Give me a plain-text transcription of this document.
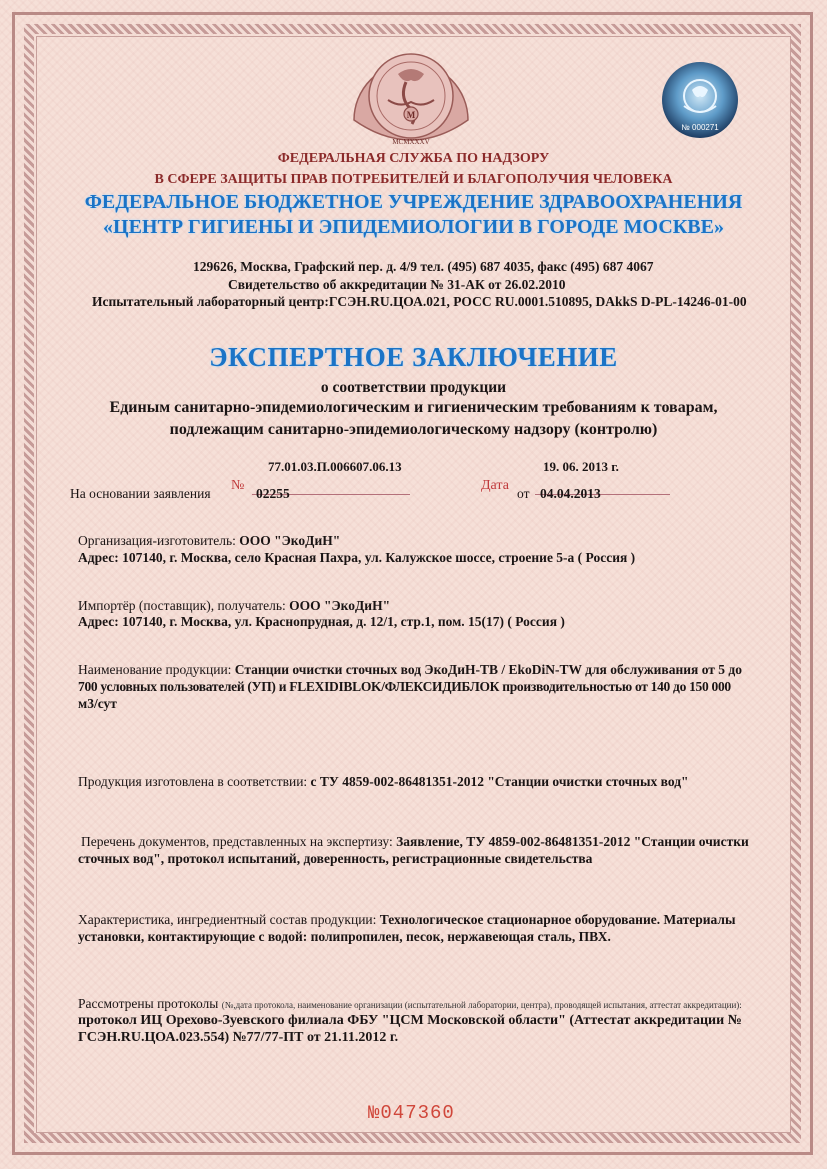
M
MCMXXXV
№ 000271
ФЕДЕРАЛЬНАЯ СЛУЖБА ПО НАДЗОРУ
В СФЕРЕ ЗАЩИТЫ ПРАВ ПОТРЕБИТЕЛЕЙ И БЛАГОПОЛУЧИЯ ЧЕЛОВЕКА
ФЕДЕРАЛЬНОЕ БЮДЖЕТНОЕ УЧРЕЖДЕНИЕ ЗДРАВООХРАНЕНИЯ
«ЦЕНТР ГИГИЕНЫ И ЭПИДЕМИОЛОГИИ В ГОРОДЕ МОСКВЕ»
129626, Москва, Графский пер. д. 4/9 тел. (495) 687 4035, факс (495) 687 4067
Свидетельство об аккредитации № 31-АК от 26.02.2010
Испытательный лабораторный центр:ГСЭН.RU.ЦОА.021, РОСС RU.0001.510895, DAkkS D-PL-14246-01-00
ЭКСПЕРТНОЕ ЗАКЛЮЧЕНИЕ
о соответствии продукции
Единым санитарно-эпидемиологическим и гигиеническим требованиям к товарам,
подлежащим санитарно-эпидемиологическому надзору (контролю)
77.01.03.П.006607.06.13	19. 06. 2013 г.
На основании заявления
№
02255
Дата
от 04.04.2013
Организация-изготовитель: ООО "ЭкоДиН"
Адрес: 107140, г. Москва, село Красная Пахра, ул. Калужское шоссе, строение 5-а ( Россия )
Импортёр (поставщик), получатель: ООО "ЭкоДиН"
Адрес: 107140, г. Москва, ул. Краснопрудная, д. 12/1, стр.1, пом. 15(17) ( Россия )
Наименование продукции: Станции очистки сточных вод ЭкоДиН-ТВ / EkoDiN-TW для обслуживания от 5 до
700 условных пользователей (УП) и FLEXIDIBLOK/ФЛЕКСИДИБЛОК производительностью от 140 до 150 000
м3/сут
Продукция изготовлена в соответствии: с ТУ 4859-002-86481351-2012 "Станции очистки сточных вод"
Перечень документов, представленных на экспертизу: Заявление, ТУ 4859-002-86481351-2012 "Станции очистки
сточных вод", протокол испытаний, доверенность, регистрационные свидетельства
Характеристика, ингредиентный состав продукции: Технологическое стационарное оборудование. Материалы
установки, контактирующие с водой: полипропилен, песок, нержавеющая сталь, ПВХ.
Рассмотрены протоколы (№,дата протокола, наименование организации (испытательной лаборатории, центра), проводящей испытания, аттестат аккредитации):
протокол ИЦ Орехово-Зуевского филиала ФБУ "ЦСМ Московской области" (Аттестат аккредитации №
ГСЭН.RU.ЦОА.023.554) №77/77-ПТ от 21.11.2012 г.
№047360
